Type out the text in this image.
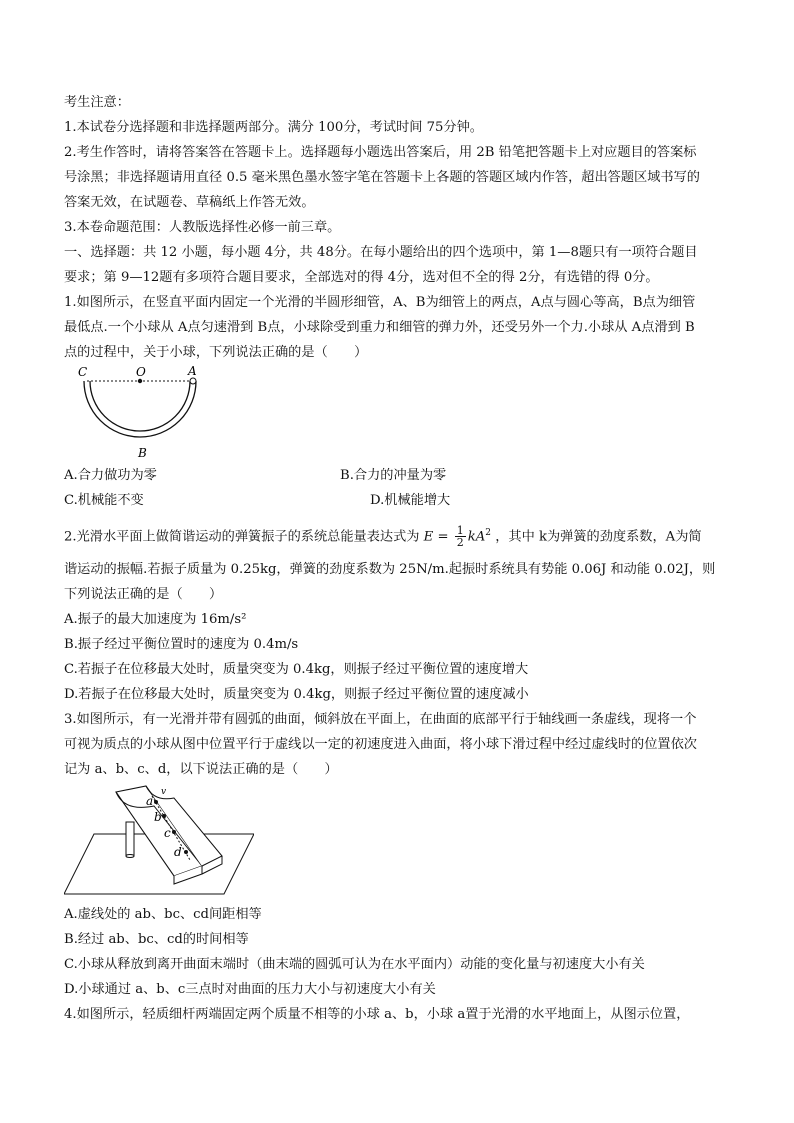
考生注意：
1.本试卷分选择题和非选择题两部分。满分 100分，考试时间 75分钟。
2.考生作答时，请将答案答在答题卡上。选择题每小题选出答案后，用 2B 铅笔把答题卡上对应题目的答案标
号涂黑；非选择题请用直径 0.5 毫米黑色墨水签字笔在答题卡上各题的答题区域内作答，超出答题区域书写的
答案无效，在试题卷、草稿纸上作答无效。
3.本卷命题范围：人教版选择性必修一前三章。
一、选择题：共 12 小题，每小题 4分，共 48分。在每小题给出的四个选项中，第 1—8题只有一项符合题目
要求；第 9—12题有多项符合题目要求，全部选对的得 4分，选对但不全的得 2分，有选错的得 0分。
1.如图所示，在竖直平面内固定一个光滑的半圆形细管，A、B为细管上的两点，A点与圆心等高，B点为细管
最低点.一个小球从 A点匀速滑到 B点，小球除受到重力和细管的弹力外，还受另外一个力.小球从 A点滑到 B
点的过程中，关于小球，下列说法正确的是（　　）
C	O	A
B
A.合力做功为零	B.合力的冲量为零
C.机械能不变	D.机械能增大
2.光滑水平面上做简谐运动的弹簧振子的系统总能量表达式为 $E = \frac{1}{2} kA^2$ ，其中 k为弹簧的劲度系数，A为简
谐运动的振幅.若振子质量为 0.25kg，弹簧的劲度系数为 25N/m.起振时系统具有势能 0.06J 和动能 0.02J，则
下列说法正确的是（　　）
A.振子的最大加速度为 16m/s²
B.振子经过平衡位置时的速度为 0.4m/s
C.若振子在位移最大处时，质量突变为 0.4kg，则振子经过平衡位置的速度增大
D.若振子在位移最大处时，质量突变为 0.4kg，则振子经过平衡位置的速度减小
3.如图所示，有一光滑并带有圆弧的曲面，倾斜放在平面上，在曲面的底部平行于轴线画一条虚线，现将一个
可视为质点的小球从图中位置平行于虚线以一定的初速度进入曲面，将小球下滑过程中经过虚线时的位置依次
记为 a、b、c、d，以下说法正确的是（　　）
v
a
b
c
d
A.虚线处的 ab、bc、cd间距相等
B.经过 ab、bc、cd的时间相等
C.小球从释放到离开曲面末端时（曲末端的圆弧可认为在水平面内）动能的变化量与初速度大小有关
D.小球通过 a、b、c三点时对曲面的压力大小与初速度大小有关
4.如图所示，轻质细杆两端固定两个质量不相等的小球 a、b，小球 a置于光滑的水平地面上，从图示位置，
